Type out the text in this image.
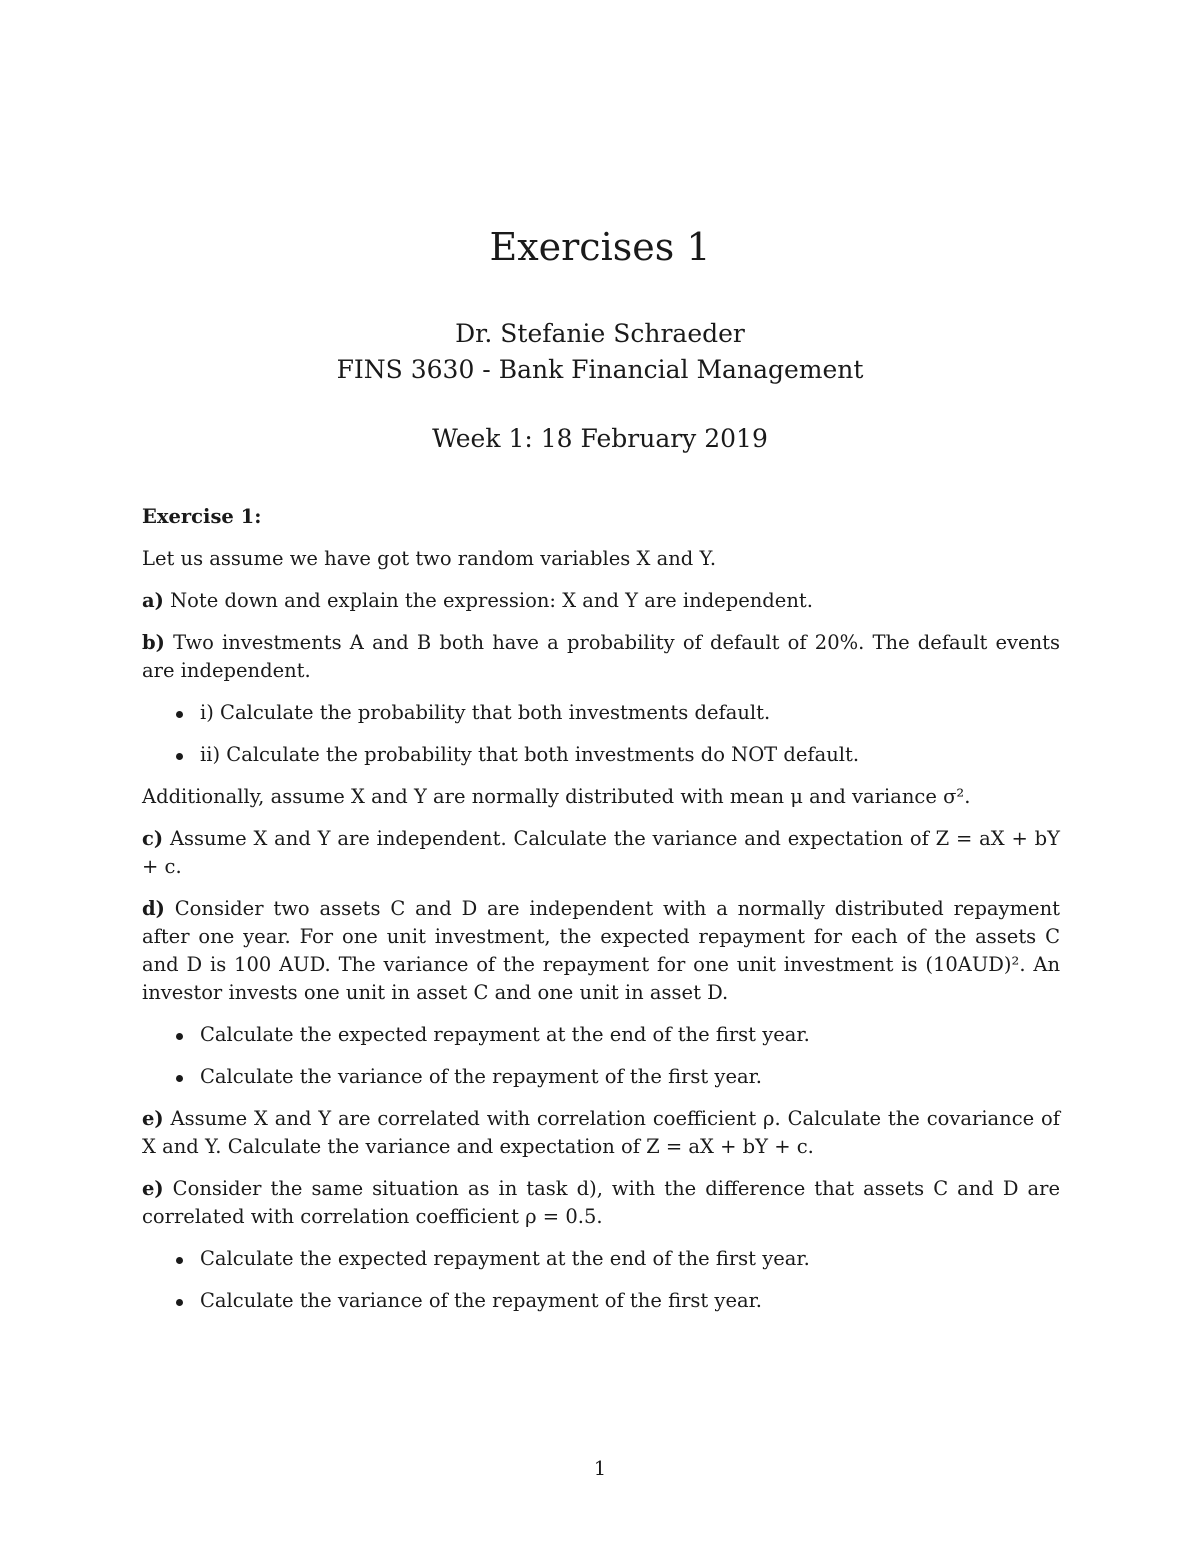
Exercises 1
Dr. Stefanie Schraeder
FINS 3630 - Bank Financial Management
Week 1: 18 February 2019

Exercise 1:

Let us assume we have got two random variables X and Y.

a) Note down and explain the expression: X and Y are independent.

b) Two investments A and B both have a probability of default of 20%. The default events are independent.

i) Calculate the probability that both investments default.
ii) Calculate the probability that both investments do NOT default.

Additionally, assume X and Y are normally distributed with mean μ and variance σ².

c) Assume X and Y are independent. Calculate the variance and expectation of Z = aX + bY + c.

d) Consider two assets C and D are independent with a normally distributed repayment after one year. For one unit investment, the expected repayment for each of the assets C and D is 100 AUD. The variance of the repayment for one unit investment is (10AUD)². An investor invests one unit in asset C and one unit in asset D.

Calculate the expected repayment at the end of the first year.
Calculate the variance of the repayment of the first year.

e) Assume X and Y are correlated with correlation coefficient ρ. Calculate the covariance of X and Y. Calculate the variance and expectation of Z = aX + bY + c.

e) Consider the same situation as in task d), with the difference that assets C and D are correlated with correlation coefficient ρ = 0.5.

Calculate the expected repayment at the end of the first year.
Calculate the variance of the repayment of the first year.
1
